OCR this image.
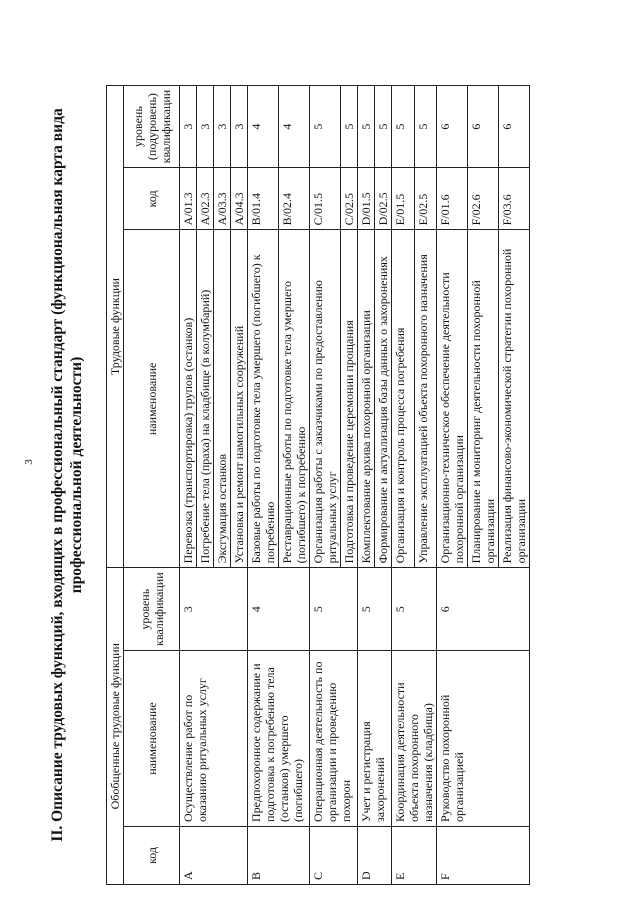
3 II. Описание трудовых функций, входящих в профессиональный стандарт (функциональная карта вида профессиональной деятельности)
Обобщенные трудовые функции			Трудовые функции		
код	наименование	уровень квалификации	наименование	код	уровень (подуровень) квалификации
A	Осуществление работ по оказанию ритуальных услуг	3	Перевозка (транспортировка) трупов (останков)	A/01.3	3
			Погребение тела (праха) на кладбище (в колумбарий)	A/02.3	3
			Эксгумация останков	A/03.3	3
			Установка и ремонт намогильных сооружений	A/04.3	3
B	Предпохоронное содержание и подготовка к погребению тела (останков) умершего (погибшего)	4	Базовые работы по подготовке тела умершего (погибшего) к погребению	B/01.4	4
			Реставрационные работы по подготовке тела умершего (погибшего) к погребению	B/02.4	4
C	Операционная деятельность по организации и проведению похорон	5	Организация работы с заказчиками по предоставлению ритуальных услуг	C/01.5	5
			Подготовка и проведение церемонии прощания	C/02.5	5
D	Учет и регистрация захоронений	5	Комплектование архива похоронной организации	D/01.5	5
			Формирование и актуализация базы данных о захоронениях	D/02.5	5
E	Координация деятельности объекта похоронного назначения (кладбища)	5	Организация и контроль процесса погребения	E/01.5	5
			Управление эксплуатацией объекта похоронного назначения	E/02.5	5
F	Руководство похоронной организацией	6	Организационно-техническое обеспечение деятельности похоронной организации	F/01.6	6
			Планирование и мониторинг деятельности похоронной организации	F/02.6	6
			Реализация финансово-экономической стратегии похоронной организации	F/03.6	6
